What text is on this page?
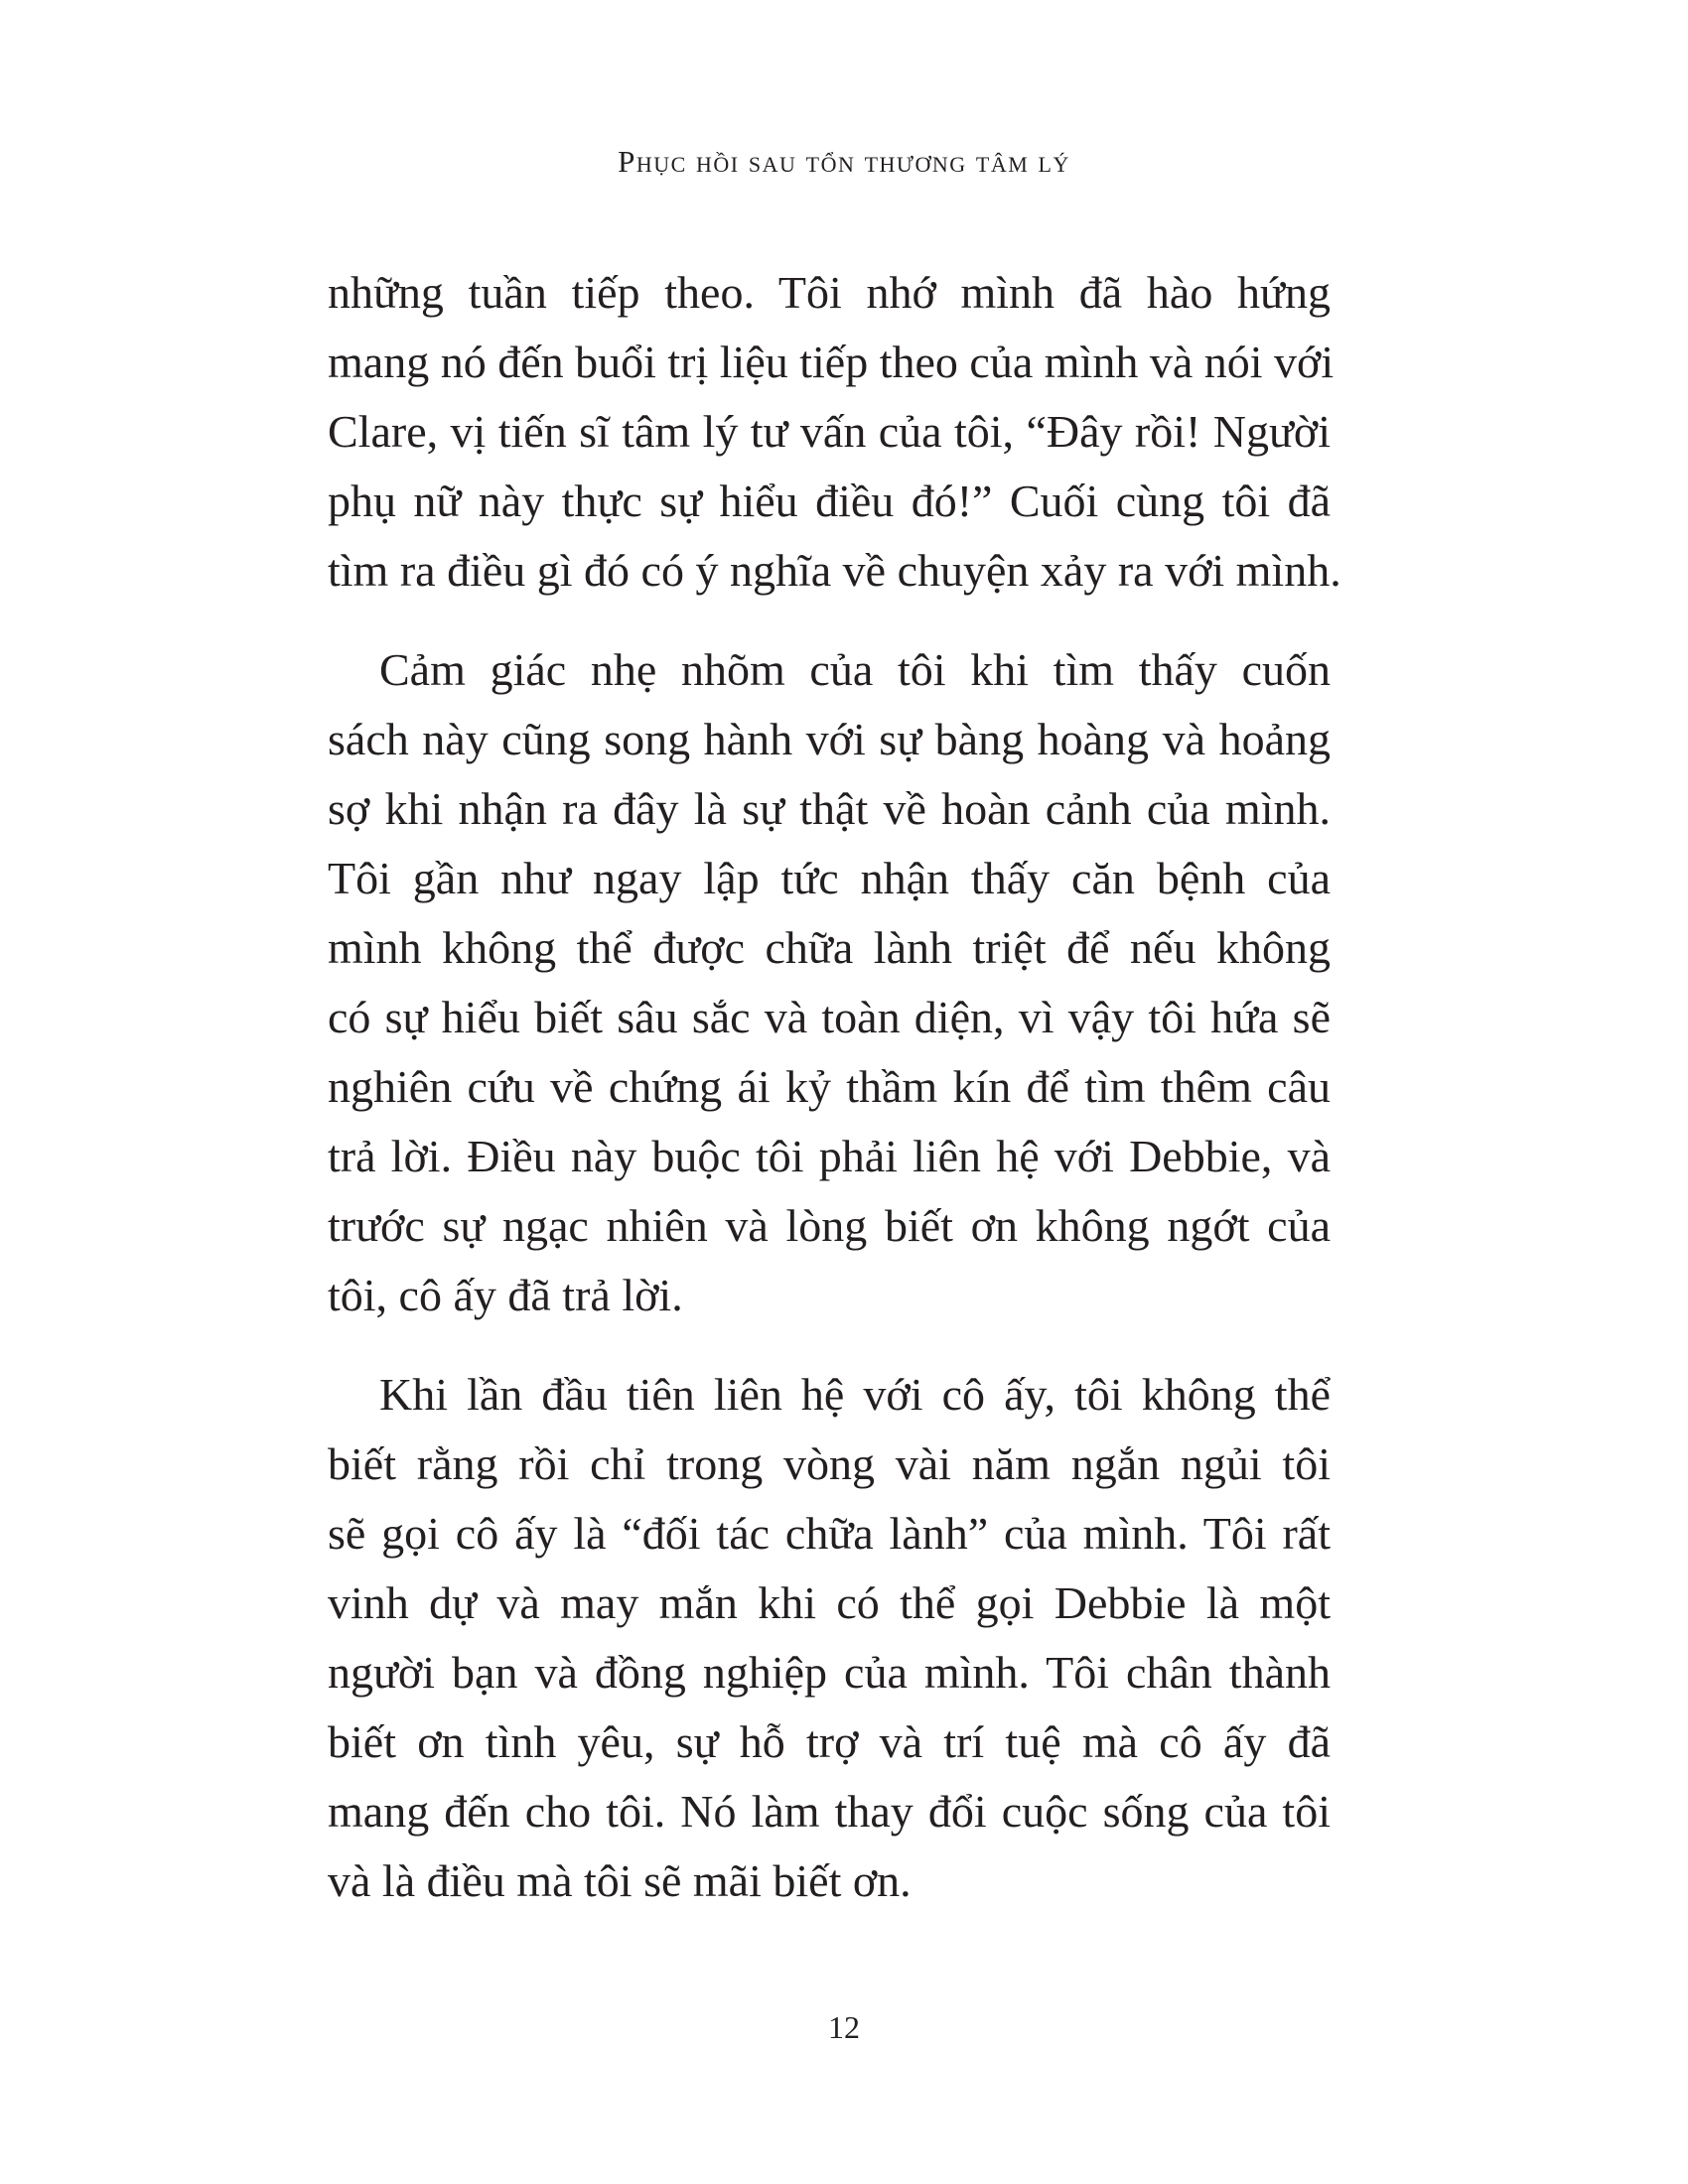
Phục hồi sau tổn thương tâm lý

những tuần tiếp theo. Tôi nhớ mình đã hào hứng
mang nó đến buổi trị liệu tiếp theo của mình và nói với
Clare, vị tiến sĩ tâm lý tư vấn của tôi, “Đây rồi! Người
phụ nữ này thực sự hiểu điều đó!” Cuối cùng tôi đã
tìm ra điều gì đó có ý nghĩa về chuyện xảy ra với mình.

Cảm giác nhẹ nhõm của tôi khi tìm thấy cuốn
sách này cũng song hành với sự bàng hoàng và hoảng
sợ khi nhận ra đây là sự thật về hoàn cảnh của mình.
Tôi gần như ngay lập tức nhận thấy căn bệnh của
mình không thể được chữa lành triệt để nếu không
có sự hiểu biết sâu sắc và toàn diện, vì vậy tôi hứa sẽ
nghiên cứu về chứng ái kỷ thầm kín để tìm thêm câu
trả lời. Điều này buộc tôi phải liên hệ với Debbie, và
trước sự ngạc nhiên và lòng biết ơn không ngớt của
tôi, cô ấy đã trả lời.

Khi lần đầu tiên liên hệ với cô ấy, tôi không thể
biết rằng rồi chỉ trong vòng vài năm ngắn ngủi tôi
sẽ gọi cô ấy là “đối tác chữa lành” của mình. Tôi rất
vinh dự và may mắn khi có thể gọi Debbie là một
người bạn và đồng nghiệp của mình. Tôi chân thành
biết ơn tình yêu, sự hỗ trợ và trí tuệ mà cô ấy đã
mang đến cho tôi. Nó làm thay đổi cuộc sống của tôi
và là điều mà tôi sẽ mãi biết ơn.

12
